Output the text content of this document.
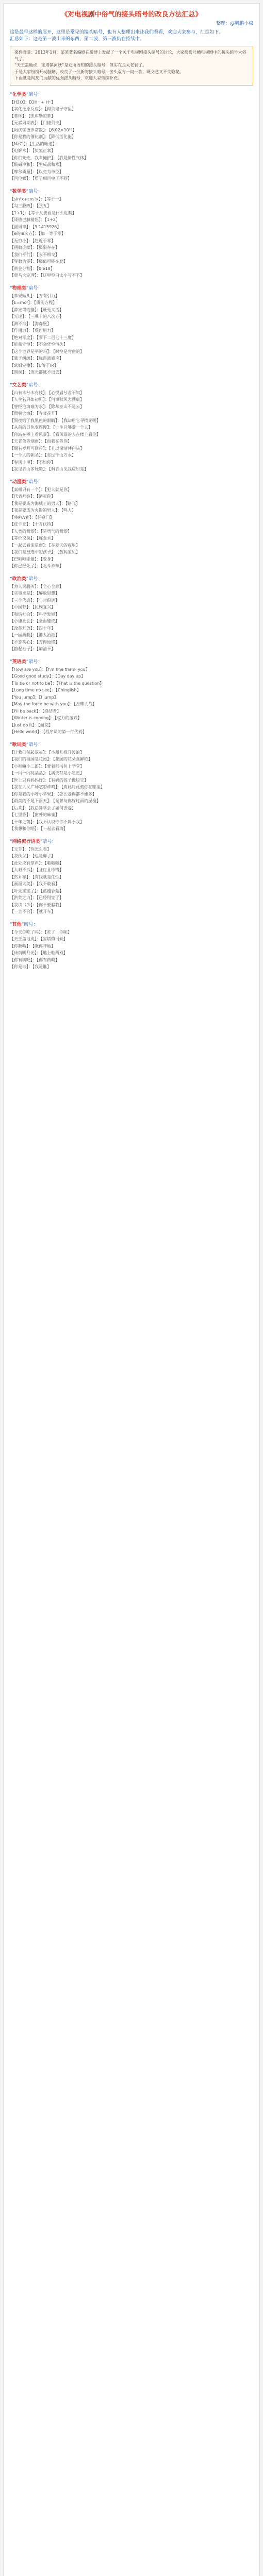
《对电视剧中俗气的接头暗号的改良方法汇总》
整理：@鹏鹏小棉
这是最早这样的展开，这里是常见的接头暗号，也有人整理出来让我们看看，欢迎大家参与，汇总如下。
汇总如下：这是第一波出来的东西，第二波、第三波仍在持续中。
案件背景：2013年1月，某某著名编剧在微博上发起了一个关于电视剧接头暗号的讨论，大家纷纷吐槽电视剧中的接头暗号太俗气了。
“天王盖地虎，宝塔镇河妖”是众所周知的接头暗号，但实在是太老套了。
于是大家纷纷开动脑筋，改良了一批新的接头暗号，接头双方一问一答，既文艺又不失隐秘。
下面就是网友们贡献的优秀接头暗号，欢迎大家继续补充。
“化学类”暗号：
【H2O】：【OH⁻ + H⁺】
【氧化还原反应】：【得失电子守恒】
【苯环】：【凯库勒的梦】
【元素周期表】：【门捷列夫】
【阿伏伽德罗常数】：【6.02×10²³】
【你是我的催化剂】：【降低活化能】
【NaCl】：【生活的味道】
【电解水】：【负氢正氧】
【你们先走，我来掩护】：【我是惰性气体】
【酸碱中和】：【生成盐和水】
【摩尔质量】：【以克为单位】
【同位素】：【质子相同中子不同】
“数学类”暗号：
【sin²x+cos²x】：【等于一】
【勾三股四】：【弦五】
【1+1】：【等于几要看是什么进制】
【哥德巴赫猜想】：【1+2】
【圆周率】：【3.1415926】
【e的iπ次方】：【加一等于零】
【无穷小】：【趋近于零】
【函数连续】：【极限存在】
【我们平行】：【永不相交】
【导数为零】：【极值可能在此】
【黄金分割】：【0.618】
【费马大定理】：【这里空白太小写不下】
“物理类”暗号：
【苹果砸头】：【万有引力】
【E=mc²】：【质能方程】
【薛定谔的猫】：【既死又活】
【光速】：【三乘十的八次方】
【测不准】：【海森堡】
【作用力】：【反作用力】
【绝对零度】：【零下二百七十三度】
【能量守恒】：【不会凭空消失】
【这个世界是平的吗】：【时空是弯曲的】
【量子纠缠】：【远距离感应】
【欧姆定律】：【U等于IR】
【黑洞】：【连光都逃不出去】
“文艺类”暗号：
【山有木兮木有枝】：【心悦君兮君不知】
【人生若只如初见】：【何事秋风悲画扇】
【曾经沧海难为水】：【除却巫山不是云】
【面朝大海】：【春暖花开】
【黑夜给了我黑色的眼睛】：【我却用它寻找光明】
【从前的日色变得慢】：【一生只够爱一个人】
【你站在桥上看风景】：【看风景的人在楼上看你】
【天青色等烟雨】：【而我在等你】
【愿有岁月可回首】：【且以深情共白头】
【一个人的朝圣】：【走过千山万水】
【春风十里】：【不如你】
【我见青山多妩媚】：【料青山见我应如是】
“动漫类”暗号：
【真相只有一个】：【犯人就是你】
【代表月亮】：【消灭你】
【我是要成为海贼王的男人】：【路飞】
【我是要成为火影的男人】：【鸣人】
【哆啦A梦】：【任意门】
【皮卡丘】：【十万伏特】
【人类的赞歌】：【是勇气的赞歌】
【等价交换】：【炼金术】
【一起去看流星雨】：【在夏天的夜里】
【我们是被选中的孩子】：【数码宝贝】
【巴啦啦能量】：【变身】
【你已经死了】：【北斗神拳】
“政治类”暗号：
【为人民服务】：【全心全意】
【实事求是】：【解放思想】
【三个代表】：【与时俱进】
【中国梦】：【民族复兴】
【和谐社会】：【科学发展】
【小康社会】：【全面建成】
【改革开放】：【四十年】
【一国两制】：【港人治港】
【不忘初心】：【方得始终】
【撸起袖子】：【加油干】
“英语类”暗号：
【How are you】：【I'm fine thank you】
【Good good study】：【Day day up】
【To be or not to be】：【That is the question】
【Long time no see】：【Chinglish】
【You jump】：【I jump】
【May the force be with you】：【星球大战】
【I'll be back】：【终结者】
【Winter is coming】：【权力的游戏】
【Just do it】：【耐克】
【Hello world】：【程序员的第一行代码】
“歌词类”暗号：
【让我们荡起双桨】：【小船儿推开波浪】
【我们的祖国是花园】：【花园的花朵真鲜艳】
【小呀嘛小二郎】：【背着那书包上学堂】
【一闪一闪亮晶晶】：【满天都是小星星】
【世上只有妈妈好】：【有妈的孩子像块宝】
【我在人民广场吃着炸鸡】：【而此时此刻你在哪里】
【你是我的小呀小苹果】：【怎么爱你都不嫌多】
【最美的不是下雨天】：【是曾与你躲过雨的屋檐】
【后来】：【我总算学会了如何去爱】
【七里香】：【窗外的麻雀】
【十年之前】：【我不认识你你不属于我】
【我想和你唱】：【一起去看海】
“网络流行语类”暗号：
【元芳】：【你怎么看】
【我伙呆】：【也是醉了】
【此处应有掌声】：【啪啪啪】
【人艰不拆】：【且行且珍惜】
【然并卵】：【有钱就是任性】
【画面太美】：【我不敢看】
【吓死宝宝了】：【蓝瘦香菇】
【洪荒之力】：【已经用完了】
【我读书少】：【你不要骗我】
【一言不合】：【就开车】
“其他”暗号：
【今天你吃了吗】：【吃了，你呢】
【天王盖地虎】：【宝塔镇河妖】
【你瞅啥】：【瞅你咋地】
【床前明月光】：【地上鞋两双】
【你有病吧】：【你有药吗】
【你是谁】：【我是谁】
